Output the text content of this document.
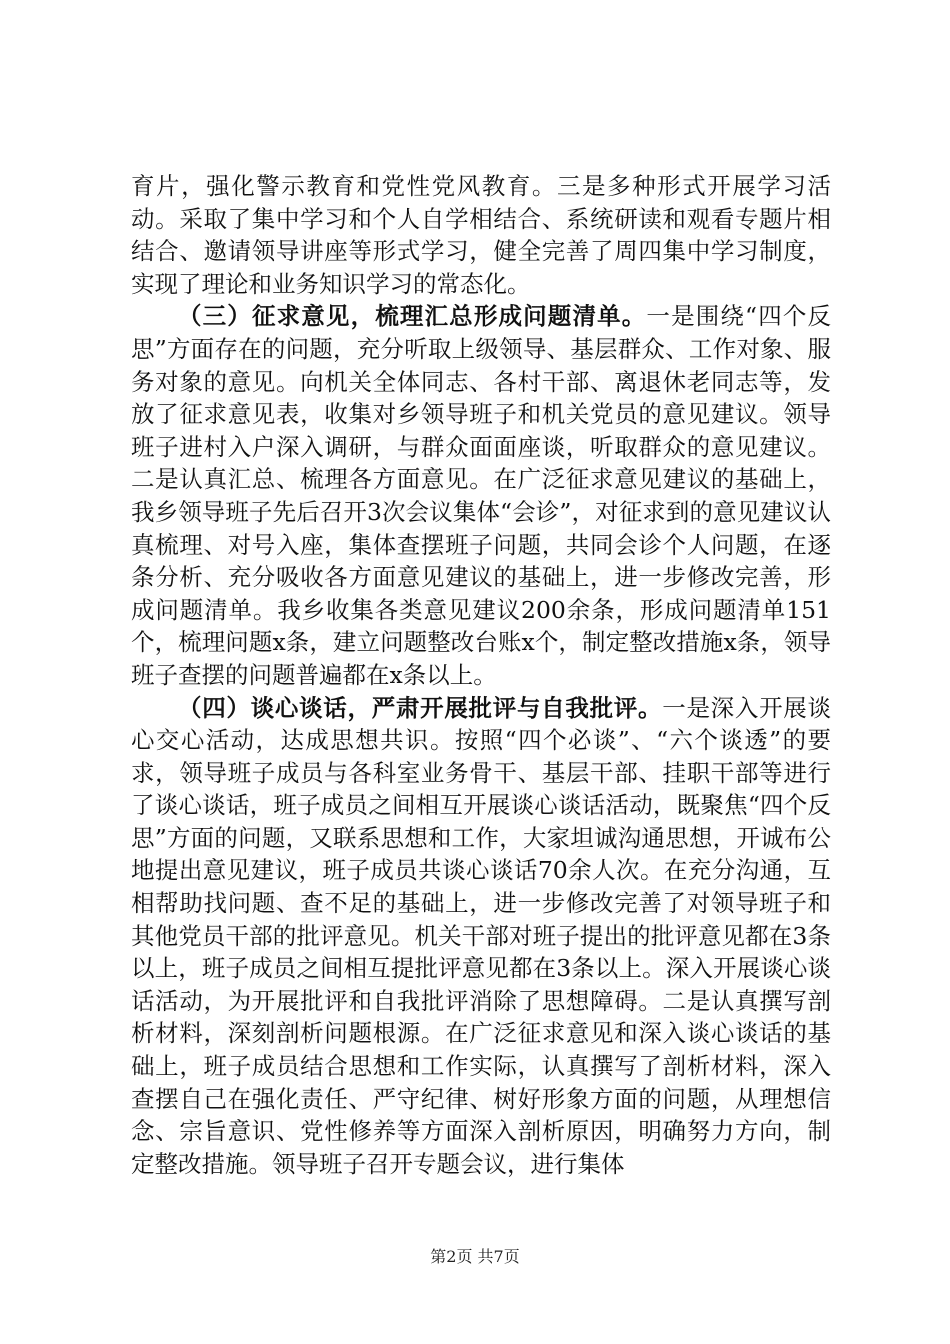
育片，强化警示教育和党性党风教育。三是多种形式开展学习活动。采取了集中学习和个人自学相结合、系统研读和观看专题片相结合、邀请领导讲座等形式学习，健全完善了周四集中学习制度，实现了理论和业务知识学习的常态化。

（三）征求意见，梳理汇总形成问题清单。一是围绕“四个反思”方面存在的问题，充分听取上级领导、基层群众、工作对象、服务对象的意见。向机关全体同志、各村干部、离退休老同志等，发放了征求意见表，收集对乡领导班子和机关党员的意见建议。领导班子进村入户深入调研，与群众面面座谈，听取群众的意见建议。二是认真汇总、梳理各方面意见。在广泛征求意见建议的基础上，我乡领导班子先后召开3次会议集体“会诊”，对征求到的意见建议认真梳理、对号入座，集体查摆班子问题，共同会诊个人问题，在逐条分析、充分吸收各方面意见建议的基础上，进一步修改完善，形成问题清单。我乡收集各类意见建议200余条，形成问题清单151个，梳理问题x条，建立问题整改台账x个，制定整改措施x条，领导班子查摆的问题普遍都在x条以上。

（四）谈心谈话，严肃开展批评与自我批评。一是深入开展谈心交心活动，达成思想共识。按照“四个必谈”、“六个谈透”的要求，领导班子成员与各科室业务骨干、基层干部、挂职干部等进行了谈心谈话，班子成员之间相互开展谈心谈话活动，既聚焦“四个反思”方面的问题，又联系思想和工作，大家坦诚沟通思想，开诚布公地提出意见建议，班子成员共谈心谈话70余人次。在充分沟通，互相帮助找问题、查不足的基础上，进一步修改完善了对领导班子和其他党员干部的批评意见。机关干部对班子提出的批评意见都在3条以上，班子成员之间相互提批评意见都在3条以上。深入开展谈心谈话活动，为开展批评和自我批评消除了思想障碍。二是认真撰写剖析材料，深刻剖析问题根源。在广泛征求意见和深入谈心谈话的基础上，班子成员结合思想和工作实际，认真撰写了剖析材料，深入查摆自己在强化责任、严守纪律、树好形象方面的问题，从理想信念、宗旨意识、党性修养等方面深入剖析原因，明确努力方向，制定整改措施。领导班子召开专题会议，进行集体

第2页 共7页
